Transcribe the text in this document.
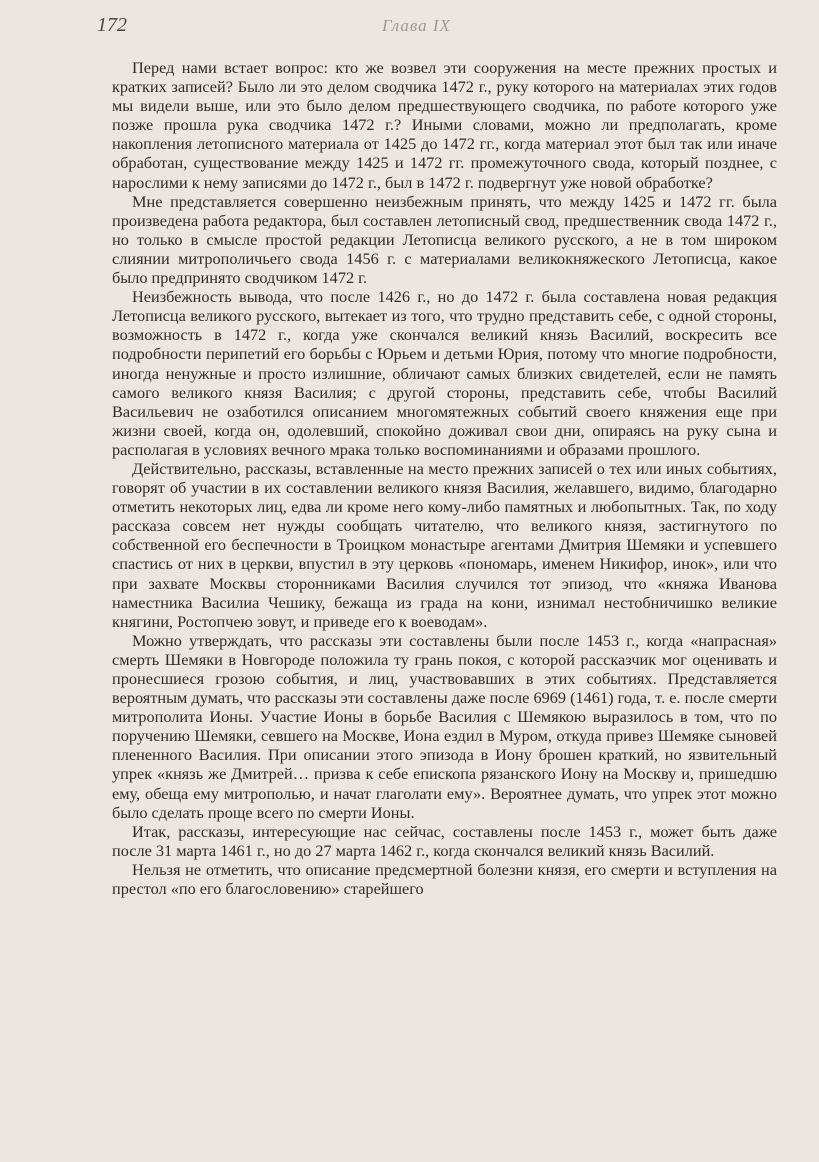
172	Глава IX

Перед нами встает вопрос: кто же возвел эти сооружения на месте прежних простых и кратких записей? Было ли это делом сводчика 1472 г., руку которого на материалах этих годов мы видели выше, или это было делом предшествующего сводчика, по работе которого уже позже прошла рука сводчика 1472 г.? Иными словами, можно ли предполагать, кроме накопления летописного материала от 1425 до 1472 гг., когда материал этот был так или иначе обработан, существование между 1425 и 1472 гг. промежуточного свода, который позднее, с нарослими к нему записями до 1472 г., был в 1472 г. подвергнут уже новой обработке?

Мне представляется совершенно неизбежным принять, что между 1425 и 1472 гг. была произведена работа редактора, был составлен летописный свод, предшественник свода 1472 г., но только в смысле простой редакции Летописца великого русского, а не в том широком слиянии митрополичьего свода 1456 г. с материалами великокняжеского Летописца, какое было предпринято сводчиком 1472 г.

Неизбежность вывода, что после 1426 г., но до 1472 г. была составлена новая редакция Летописца великого русского, вытекает из того, что трудно представить себе, с одной стороны, возможность в 1472 г., когда уже скончался великий князь Василий, воскресить все подробности перипетий его борьбы с Юрьем и детьми Юрия, потому что многие подробности, иногда ненужные и просто излишние, обличают самых близких свидетелей, если не память самого великого князя Василия; с другой стороны, представить себе, чтобы Василий Васильевич не озаботился описанием многомятежных событий своего княжения еще при жизни своей, когда он, одолевший, спокойно доживал свои дни, опираясь на руку сына и располагая в условиях вечного мрака только воспоминаниями и образами прошлого.

Действительно, рассказы, вставленные на место прежних записей о тех или иных событиях, говорят об участии в их составлении великого князя Василия, желавшего, видимо, благодарно отметить некоторых лиц, едва ли кроме него кому-либо памятных и любопытных. Так, по ходу рассказа совсем нет нужды сообщать читателю, что великого князя, застигнутого по собственной его беспечности в Троицком монастыре агентами Дмитрия Шемяки и успевшего спастись от них в церкви, впустил в эту церковь «пономарь, именем Никифор, инок», или что при захвате Москвы сторонниками Василия случился тот эпизод, что «княжа Иванова наместника Василиа Чешику, бежаща из града на кони, изнимал нестобничишко великие княгини, Ростопчею зовут, и приведе его к воеводам».

Можно утверждать, что рассказы эти составлены были после 1453 г., когда «напрасная» смерть Шемяки в Новгороде положила ту грань покоя, с которой рассказчик мог оценивать и пронесшиеся грозою события, и лиц, участвовавших в этих событиях. Представляется вероятным думать, что рассказы эти составлены даже после 6969 (1461) года, т. е. после смерти митрополита Ионы. Участие Ионы в борьбе Василия с Шемякою выразилось в том, что по поручению Шемяки, севшего на Москве, Иона ездил в Муром, откуда привез Шемяке сыновей плененного Василия. При описании этого эпизода в Иону брошен краткий, но язвительный упрек «князь же Дмитрей… призва к себе епископа рязанского Иону на Москву и, пришедшю ему, обеща ему митрополью, и начат глаголати ему». Вероятнее думать, что упрек этот можно было сделать проще всего по смерти Ионы.

Итак, рассказы, интересующие нас сейчас, составлены после 1453 г., может быть даже после 31 марта 1461 г., но до 27 марта 1462 г., когда скончался великий князь Василий.

Нельзя не отметить, что описание предсмертной болезни князя, его смерти и вступления на престол «по его благословению» старейшего
